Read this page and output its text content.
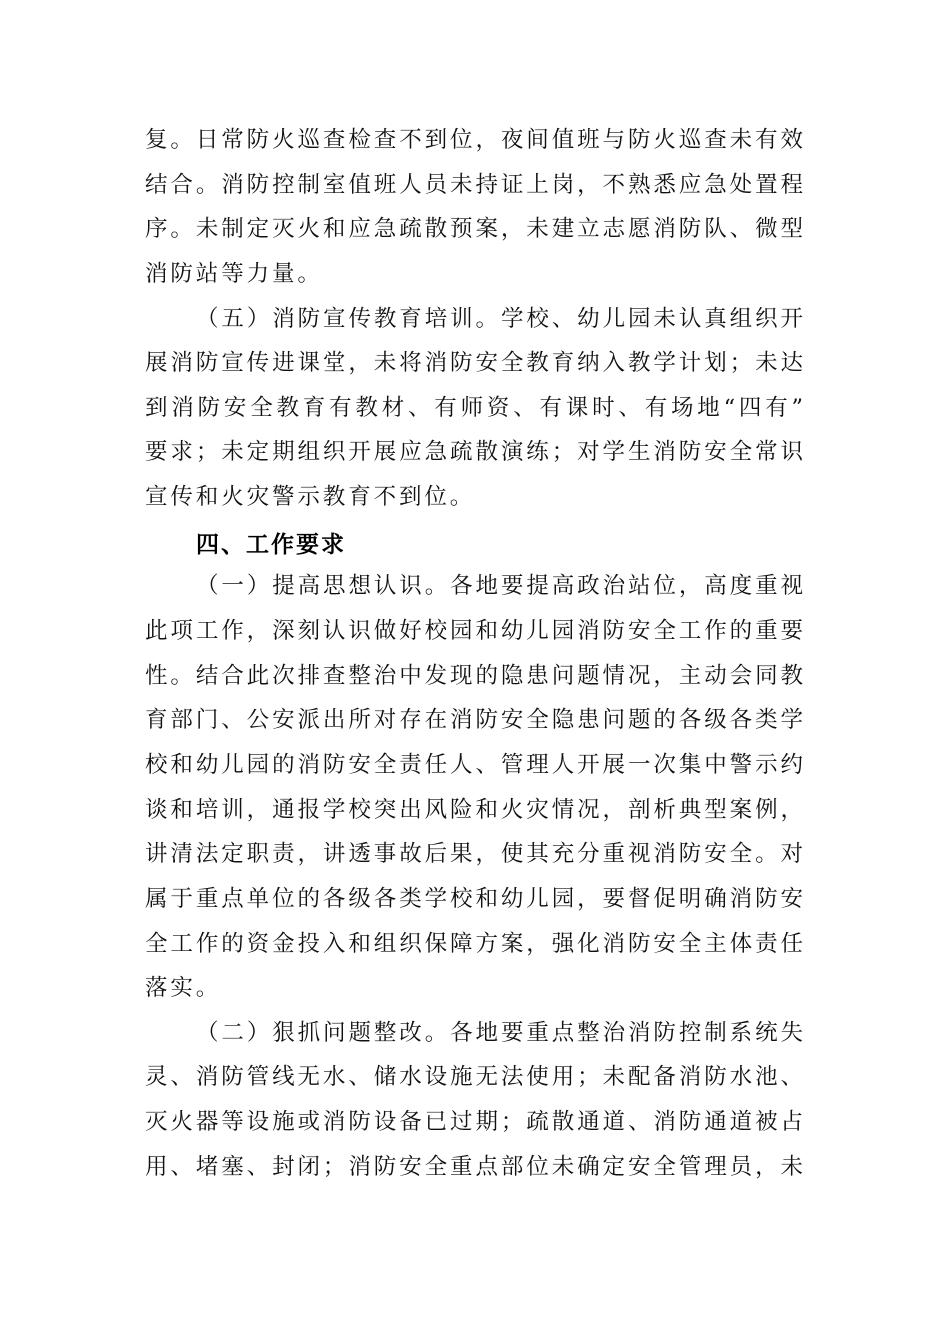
复。日常防火巡查检查不到位，夜间值班与防火巡查未有效
结合。消防控制室值班人员未持证上岗，不熟悉应急处置程
序。未制定灭火和应急疏散预案，未建立志愿消防队、微型
消防站等力量。
（五）消防宣传教育培训。学校、幼儿园未认真组织开
展消防宣传进课堂，未将消防安全教育纳入教学计划；未达
到消防安全教育有教材、有师资、有课时、有场地“四有”
要求；未定期组织开展应急疏散演练；对学生消防安全常识
宣传和火灾警示教育不到位。
四、工作要求
（一）提高思想认识。各地要提高政治站位，高度重视
此项工作，深刻认识做好校园和幼儿园消防安全工作的重要
性。结合此次排查整治中发现的隐患问题情况，主动会同教
育部门、公安派出所对存在消防安全隐患问题的各级各类学
校和幼儿园的消防安全责任人、管理人开展一次集中警示约
谈和培训，通报学校突出风险和火灾情况，剖析典型案例，
讲清法定职责，讲透事故后果，使其充分重视消防安全。对
属于重点单位的各级各类学校和幼儿园，要督促明确消防安
全工作的资金投入和组织保障方案，强化消防安全主体责任
落实。
（二）狠抓问题整改。各地要重点整治消防控制系统失
灵、消防管线无水、储水设施无法使用；未配备消防水池、
灭火器等设施或消防设备已过期；疏散通道、消防通道被占
用、堵塞、封闭；消防安全重点部位未确定安全管理员，未
